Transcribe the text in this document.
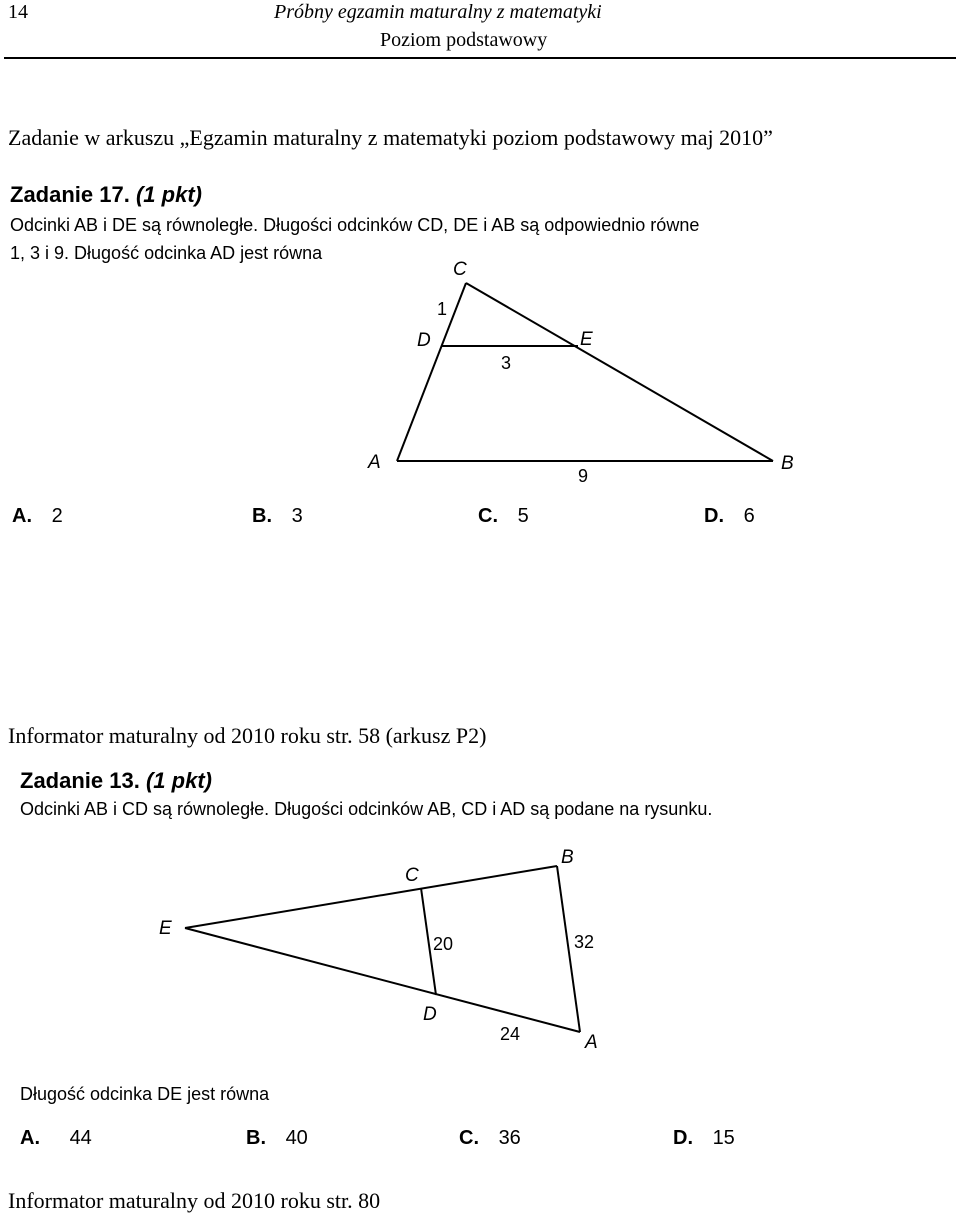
14	Próbny egzamin maturalny z matematyki
Poziom podstawowy
Zadanie w arkuszu „Egzamin maturalny z matematyki poziom podstawowy maj 2010”
Zadanie 17. (1 pkt)
Odcinki AB i DE są równoległe. Długości odcinków CD, DE i AB są odpowiednio równe
1, 3 i 9. Długość odcinka AD jest równa
C
D	E
A	B
1
3
9
A. 2	B. 3	C. 5	D. 6
Informator maturalny od 2010 roku str. 58 (arkusz P2)
Zadanie 13. (1 pkt)
Odcinki AB i CD są równoległe. Długości odcinków AB, CD i AD są podane na rysunku.
E
C
B
D
A
20	32
24
Długość odcinka DE jest równa
A. 44	B. 40	C. 36	D. 15
Informator maturalny od 2010 roku str. 80
